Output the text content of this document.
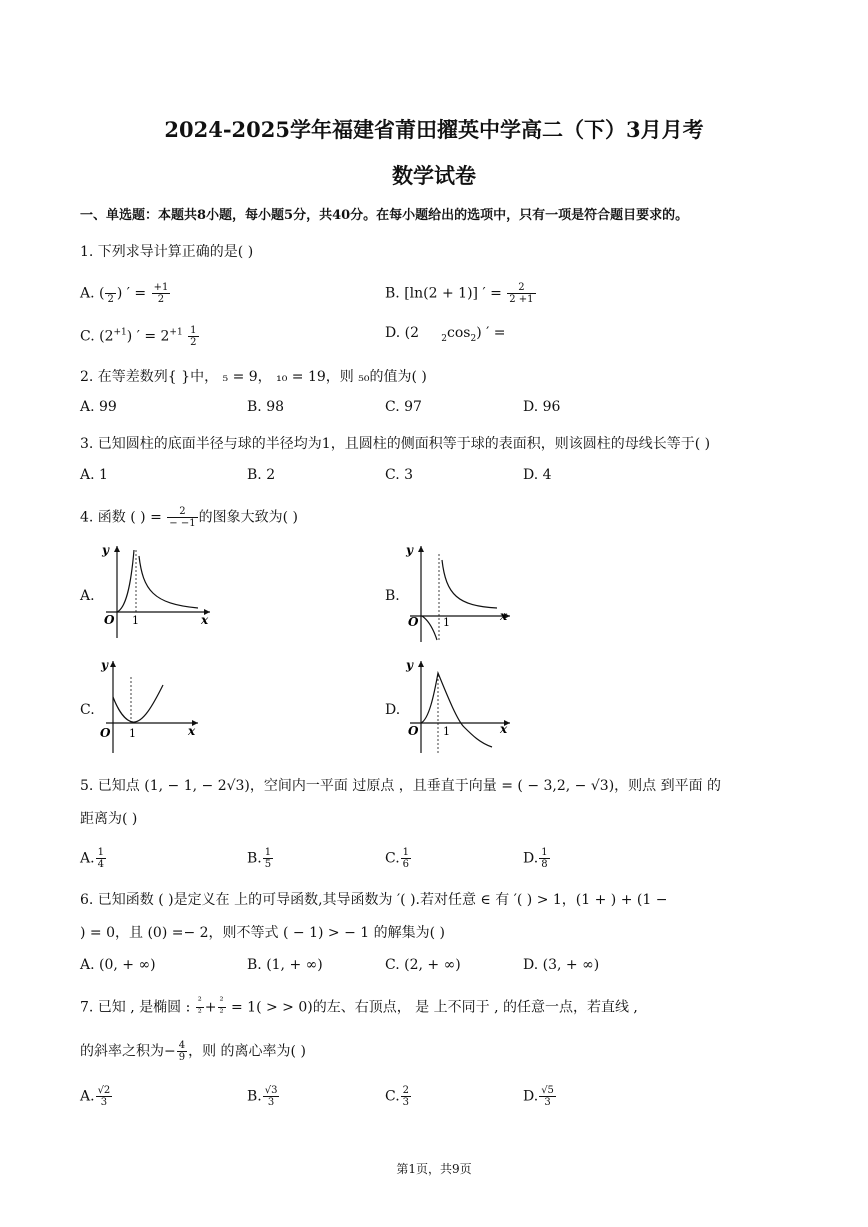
2024-2025学年福建省莆田擢英中学高二（下）3月月考
数学试卷
一、单选题：本题共8小题，每小题5分，共40分。在每小题给出的选项中，只有一项是符合题目要求的。
1. 下列求导计算正确的是( )
A. (
2 ) ′ = $\frac{+1}{2}$	B. [ln(2 + 1)] ′ = $\frac{2}{2 +1}$
C. $(2^{+1})$ ′ = $2^{+1} \frac{1}{2}$	D. (2 $_2\cos_2$) ′ =
2. 在等差数列{ }中， ₅ = 9， ₁₀ = 19，则 ₅₀的值为( )
A. 99	B. 98	C. 97	D. 96
3. 已知圆柱的底面半径与球的半径均为1，且圆柱的侧面积等于球的表面积，则该圆柱的母线长等于( )
A. 1	B. 2	C. 3	D. 4
4. 函数 ( ) = $\frac{2}{- -1}$ 的图象大致为( )
A.	B.
C.	D.
y
x
O 1
y
x
O 1
y
x
O 1
y
x
O 1
5. 已知点 (1, − 1, − 2√3)，空间内一平面 过原点 ，且垂直于向量 = ( − 3,2, − √3)，则点 到平面 的
距离为( )
A. $\frac{1}{4}$	B. $\frac{1}{5}$	C. $\frac{1}{6}$	D. $\frac{1}{8}$
6. 已知函数 ( )是定义在 上的可导函数,其导函数为 ′( ).若对任意 ∈ 有 ′( ) > 1，(1 + ) + (1 −
) = 0，且 (0) =− 2，则不等式 ( − 1) > − 1 的解集为( )
A. (0, + ∞)	B. (1, + ∞)	C. (2, + ∞)	D. (3, + ∞)
7. 已知 , 是椭圆 : $\frac{\text{²}}{\text{²}} + \frac{\text{²}}{\text{²}} = 1$( > > 0)的左、右顶点， 是 上不同于 , 的任意一点，若直线 ,
的斜率之积为− $\frac{4}{9}$ ，则 的离心率为( )
A. $\frac{√2}{3}$	B. $\frac{√3}{3}$	C. $\frac{2}{3}$	D. $\frac{√5}{3}$
第1页，共9页
